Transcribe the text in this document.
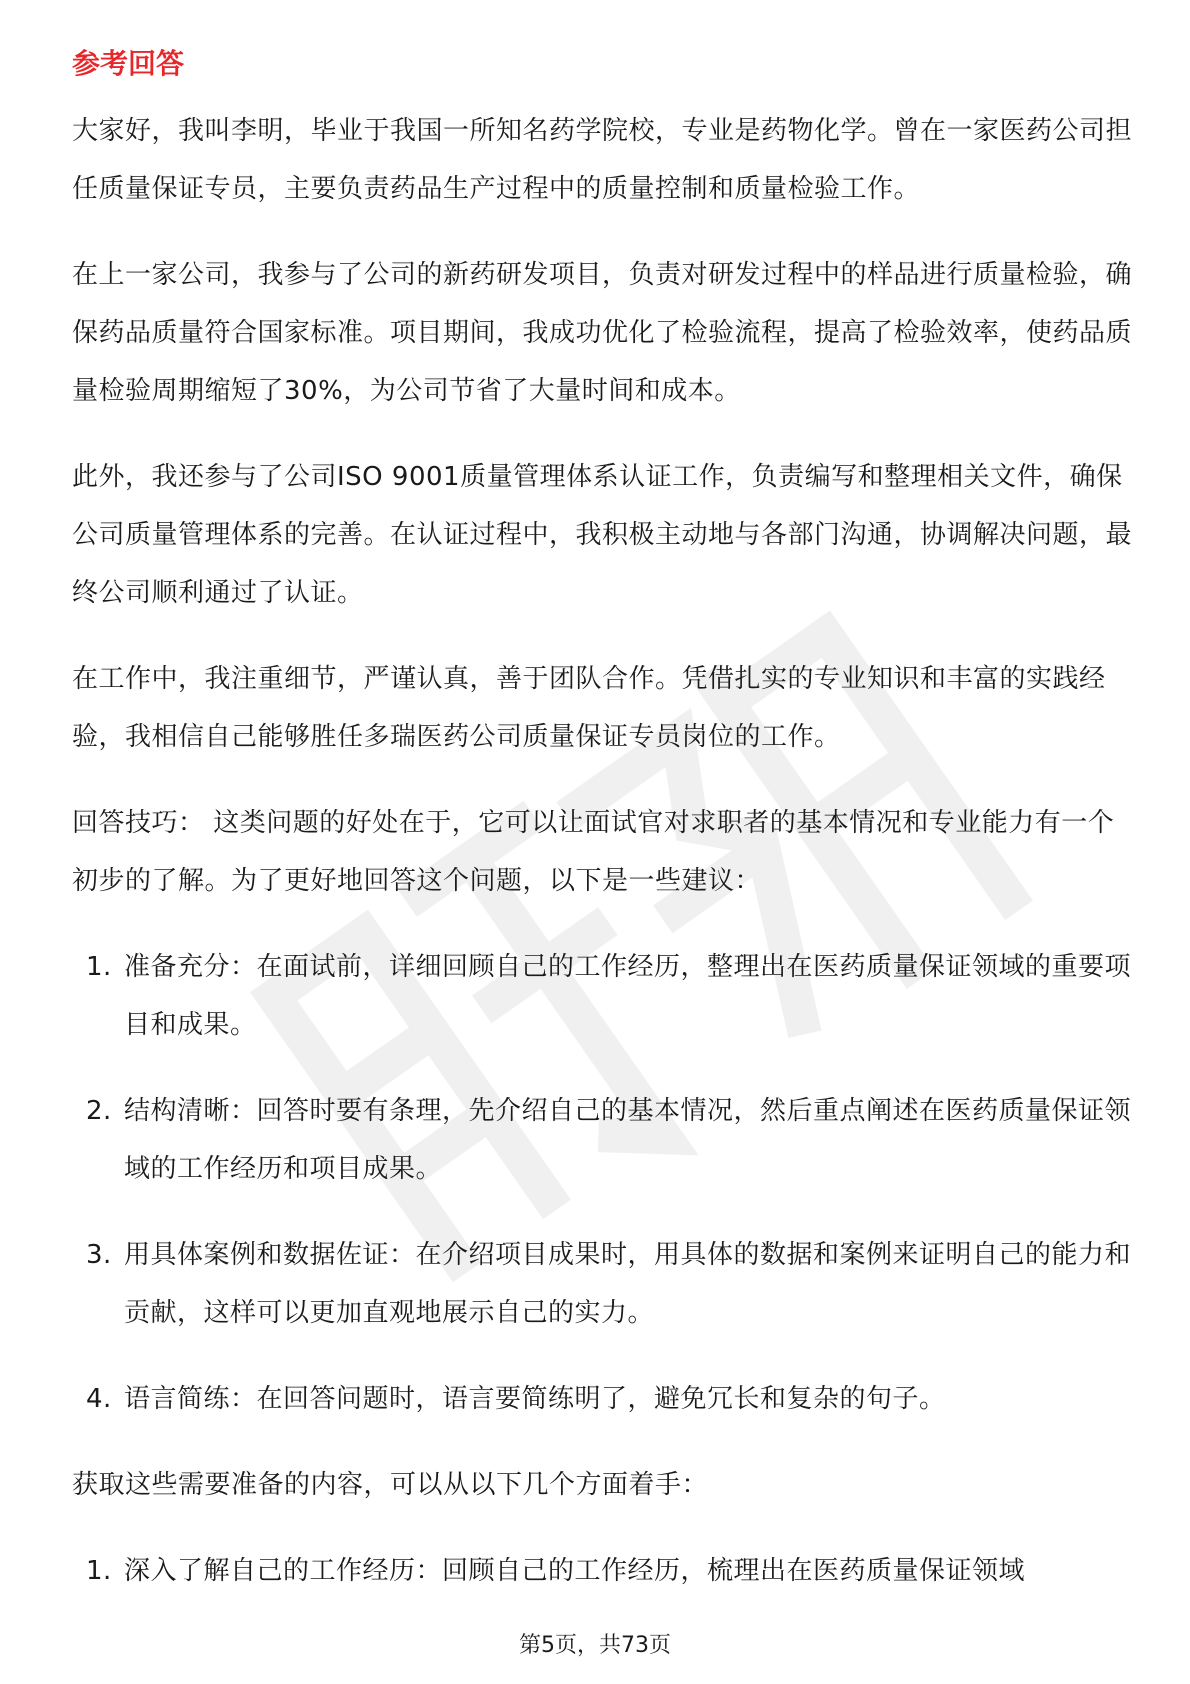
参考回答

大家好，我叫李明，毕业于我国一所知名药学院校，专业是药物化学。曾在一家医药公司担任质量保证专员，主要负责药品生产过程中的质量控制和质量检验工作。

在上一家公司，我参与了公司的新药研发项目，负责对研发过程中的样品进行质量检验，确保药品质量符合国家标准。项目期间，我成功优化了检验流程，提高了检验效率，使药品质量检验周期缩短了30%，为公司节省了大量时间和成本。

此外，我还参与了公司ISO 9001质量管理体系认证工作，负责编写和整理相关文件，确保公司质量管理体系的完善。在认证过程中，我积极主动地与各部门沟通，协调解决问题，最终公司顺利通过了认证。

在工作中，我注重细节，严谨认真，善于团队合作。凭借扎实的专业知识和丰富的实践经验，我相信自己能够胜任多瑞医药公司质量保证专员岗位的工作。

回答技巧： 这类问题的好处在于，它可以让面试官对求职者的基本情况和专业能力有一个初步的了解。为了更好地回答这个问题，以下是一些建议：

1. 准备充分：在面试前，详细回顾自己的工作经历，整理出在医药质量保证领域的重要项目和成果。
2. 结构清晰：回答时要有条理，先介绍自己的基本情况，然后重点阐述在医药质量保证领域的工作经历和项目成果。
3. 用具体案例和数据佐证：在介绍项目成果时，用具体的数据和案例来证明自己的能力和贡献，这样可以更加直观地展示自己的实力。
4. 语言简练：在回答问题时，语言要简练明了，避免冗长和复杂的句子。

获取这些需要准备的内容，可以从以下几个方面着手：

1. 深入了解自己的工作经历：回顾自己的工作经历，梳理出在医药质量保证领域
第5页，共73页
